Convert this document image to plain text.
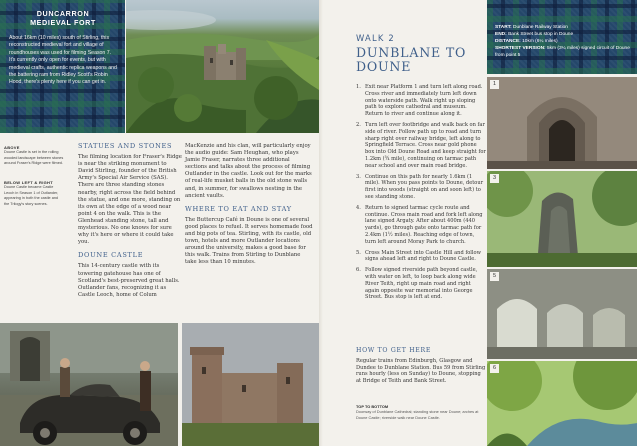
DUNCARRON
MEDIEVAL FORT

About 16km (10 miles) south of Stirling, this reconstructed medieval fort and village of roundhouses was used for filming Season 7. It's currently only open for events, but with medieval crafts, authentic replica weapons and the battering ram from Ridley Scott's Robin Hood, there's plenty here if you can get in.

ABOVE
Doune Castle is set in the rolling wooded landscape between stones around Fraser's Ridge were filmed.
BELOW LEFT & RIGHT
Doune Castle became Castle Leoch in Season 1 of Outlander, appearing in both the castle and the Trilogy's story scenes.
STATUES AND STONES

The filming location for Fraser's Ridge is near the striking monument to David Stirling, founder of the British Army's Special Air Service (SAS). There are three standing stones nearby, right across the field behind the statue, and one more, standing on its own at the edge of a wood near point 4 on the walk. This is the Glenhead standing stone, tall and mysterious. No one knows for sure why it's here or where it could take you.

DOUNE CASTLE

This 14-century castle with its towering gatehouse has one of Scotland's best-preserved great halls. Outlander fans, recognizing it as Castle Leoch, home of Colum

MacKenzie and his clan, will particularly enjoy the audio guide: Sam Heughan, who plays Jamie Fraser, narrates three additional sections and talks about the process of filming Outlander in the castle. Look out for the marks of real-life musket balls in the old stone walls and, in summer, for swallows nesting in the ancient vaults.

WHERE TO EAT AND STAY

The Buttercup Café in Doune is one of several good places to refuel. It serves homemade food and big pots of tea. Stirling, with its castle, old town, hotels and more Outlander locations around the university, makes a good base for this walk. Trains from Stirling to Dunblane take less than 10 minutes.

WALK 2
DUNBLANE TO DOUNE
1. Exit near Platform 1 and turn left along road. Cross river and immediately turn left down onto waterside path. Walk right up sloping path to explore cathedral and museum. Return to river and continue along it.
2. Turn left over footbridge and walk back on far side of river. Follow path up to road and turn sharp right over railway bridge, left along to Springfield Terrace. Cross near gold phone box into Old Doune Road and keep straight for 1.2km (¾ mile), continuing on tarmac path near school and over main road bridge.
3. Continue on this path for nearly 1.6km (1 mile). When you pass points to Doune, detour first into woods (straight on and soon left) to see standing stone.
4. Return to signed tarmac cycle route and continue. Cross main road and fork left along lane signed Argaty. After about 400m (440 yards), go through gate onto tarmac path for 2.4km (1½ miles). Reaching edge of town, turn left around Moray Park to church.
5. Cross Main Street into Castle Hill and follow signs ahead left and right to Doune Castle.
6. Follow signed riverside path beyond castle, with water on left, to loop back along wide River Teith, right up main road and right again opposite war memorial into George Street. Bus stop is left at end.
HOW TO GET HERE

Regular trains from Edinburgh, Glasgow and Dundee to Dunblane Station. Bus 59 from Stirling runs hourly (less on Sunday) to Doune, stopping at Bridge of Teith and Bank Street.

TOP TO BOTTOM
Doorway of Dunblane Cathedral; standing stone near Doune; arches at Doune Castle; riverside walk near Doune Castle.

START: Dunblane Railway Station

END: Bank Street bus stop in Doune

DISTANCE: 10km (6¼ miles)

SHORTEST VERSION: 5km (3¼ miles) signed circuit of Doune from point 5

1
3
5
6
